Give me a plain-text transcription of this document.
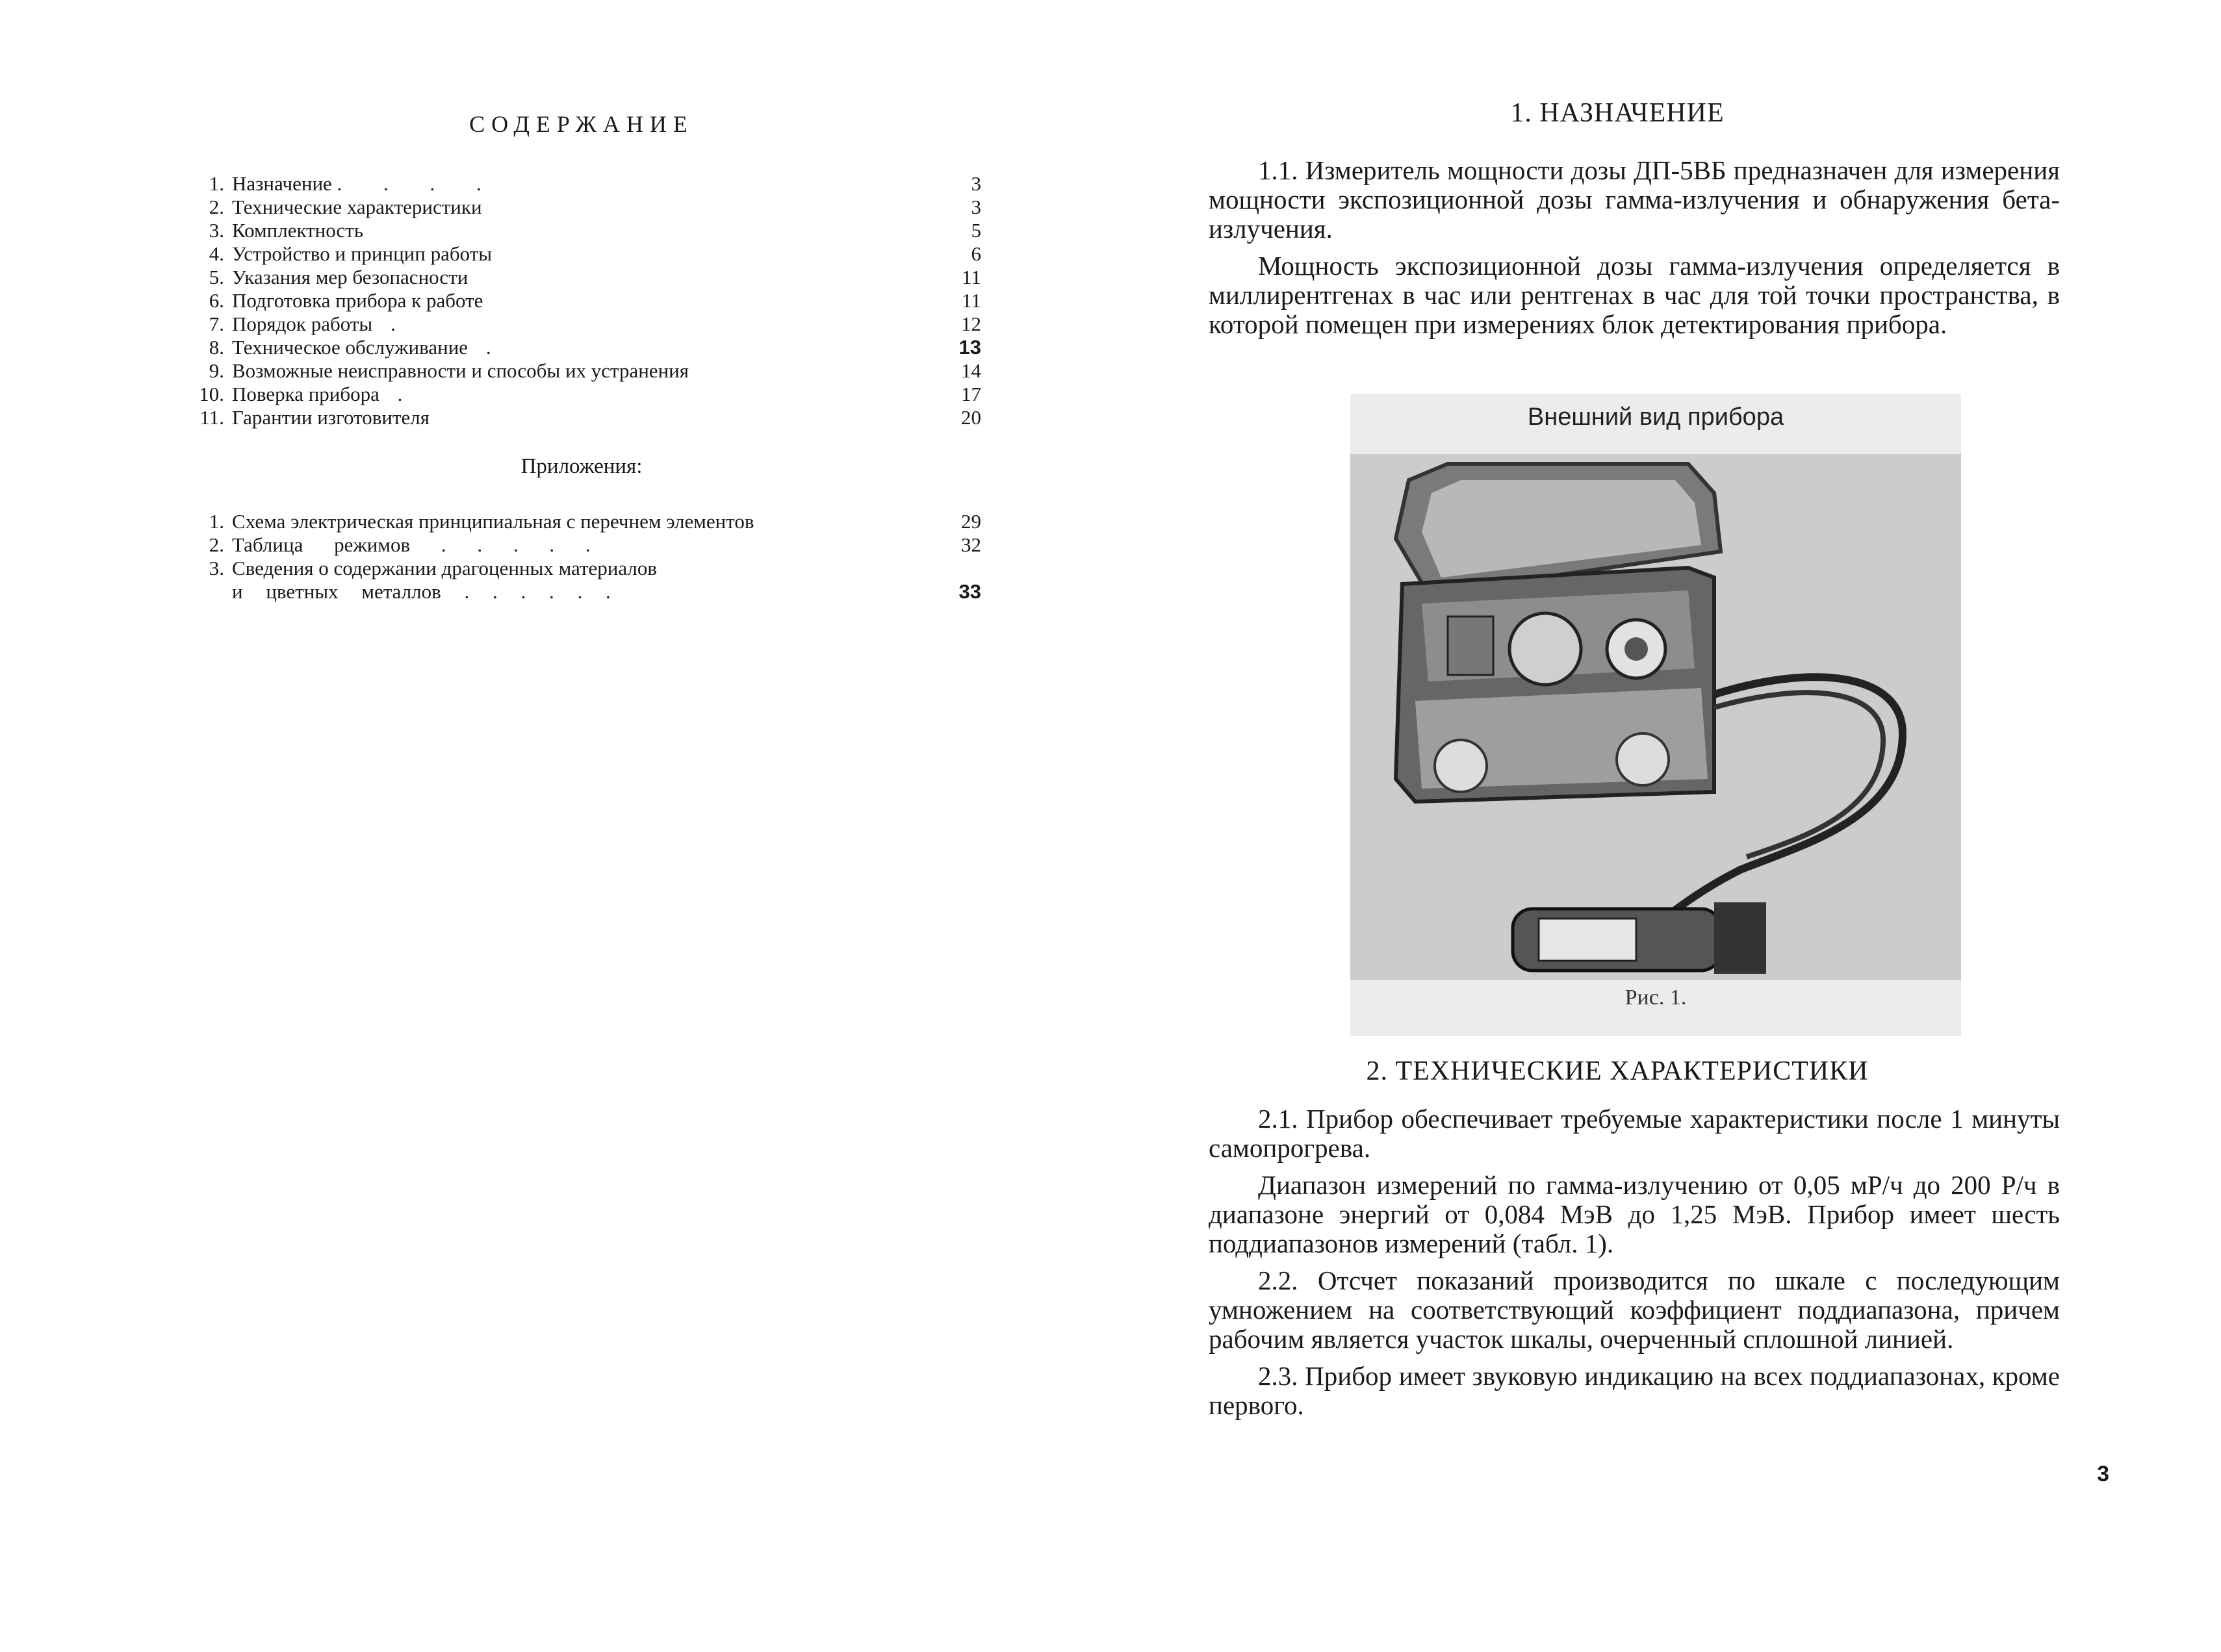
СОДЕРЖАНИЕ
1. Назначение . . . .	3
2. Технические характеристики	3
3. Комплектность	5
4. Устройство и принцип работы	6
5. Указания мер безопасности	11
6. Подготовка прибора к работе	11
7. Порядок работы .	12
8. Техническое обслуживание .	13
9. Возможные неисправности и способы их устранения	14
10. Поверка прибора .	17
11. Гарантии изготовителя	20
Приложения:
1. Схема электрическая принципиальная с перечнем элементов	29
2. Таблица режимов . . . . .	32
3. Сведения о содержании драгоценных материалов
и цветных металлов . . . . . .	33
1. НАЗНАЧЕНИЕ

1.1. Измеритель мощности дозы ДП-5ВБ предназначен для измерения мощности экспозиционной дозы гамма-излучения и обнаружения бета-излучения.

Мощность экспозиционной дозы гамма-излучения определяется в миллирентгенах в час или рентгенах в час для той точки пространства, в которой помещен при измерениях блок детектирования прибора.

Внешний вид прибора
Рис. 1.
2. ТЕХНИЧЕСКИЕ ХАРАКТЕРИСТИКИ

2.1. Прибор обеспечивает требуемые характеристики после 1 минуты самопрогрева.

Диапазон измерений по гамма-излучению от 0,05 мР/ч до 200 Р/ч в диапазоне энергий от 0,084 МэВ до 1,25 МэВ. Прибор имеет шесть поддиапазонов измерений (табл. 1).

2.2. Отсчет показаний производится по шкале с последующим умножением на соответствующий коэффициент поддиапазона, причем рабочим является участок шкалы, очерченный сплошной линией.

2.3. Прибор имеет звуковую индикацию на всех поддиапазонах, кроме первого.

3
